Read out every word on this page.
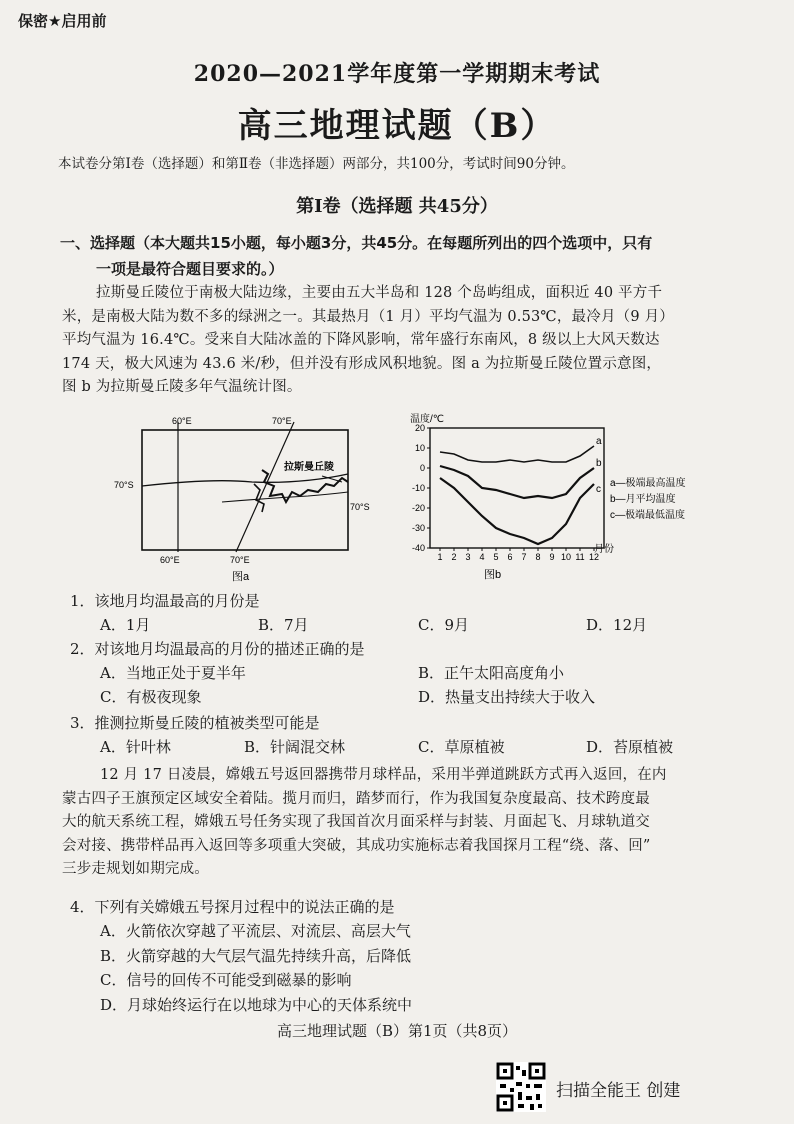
保密★启用前
2020—2021学年度第一学期期末考试
高三地理试题（B）
本试卷分第Ⅰ卷（选择题）和第Ⅱ卷（非选择题）两部分，共100分，考试时间90分钟。
第Ⅰ卷（选择题 共45分）
一、选择题（本大题共15小题，每小题3分，共45分。在每题所列出的四个选项中，只有
一项是最符合题目要求的。）
拉斯曼丘陵位于南极大陆边缘，主要由五大半岛和 128 个岛屿组成，面积近 40 平方千
米，是南极大陆为数不多的绿洲之一。其最热月（1 月）平均气温为 0.53℃，最冷月（9 月）
平均气温为 16.4℃。受来自大陆冰盖的下降风影响，常年盛行东南风，8 级以上大风天数达
174 天，极大风速为 43.6 米/秒，但并没有形成风积地貌。图 a 为拉斯曼丘陵位置示意图，
图 b 为拉斯曼丘陵多年气温统计图。
60°E	70°E
60°E	70°E
70°S
70°S
拉斯曼丘陵
图a
温度/℃
月份
图b
20
10
0
-10
-20
-30
-40
1 2 3 4 5 6 7 8 9 10 11 12
a
b
c
a—极端最高温度
b—月平均温度
c—极端最低温度
1．该地月均温最高的月份是
A．1月	B．7月	C．9月	D．12月
2．对该地月均温最高的月份的描述正确的是
A．当地正处于夏半年	B．正午太阳高度角小
C．有极夜现象	D．热量支出持续大于收入
3．推测拉斯曼丘陵的植被类型可能是
A．针叶林	B．针阔混交林	C．草原植被	D．苔原植被
12 月 17 日凌晨，嫦娥五号返回器携带月球样品，采用半弹道跳跃方式再入返回，在内
蒙古四子王旗预定区域安全着陆。揽月而归，踏梦而行，作为我国复杂度最高、技术跨度最
大的航天系统工程，嫦娥五号任务实现了我国首次月面采样与封装、月面起飞、月球轨道交
会对接、携带样品再入返回等多项重大突破，其成功实施标志着我国探月工程“绕、落、回”
三步走规划如期完成。
4．下列有关嫦娥五号探月过程中的说法正确的是
A．火箭依次穿越了平流层、对流层、高层大气
B．火箭穿越的大气层气温先持续升高，后降低
C．信号的回传不可能受到磁暴的影响
D．月球始终运行在以地球为中心的天体系统中
高三地理试题（B）第1页（共8页）
扫描全能王 创建
